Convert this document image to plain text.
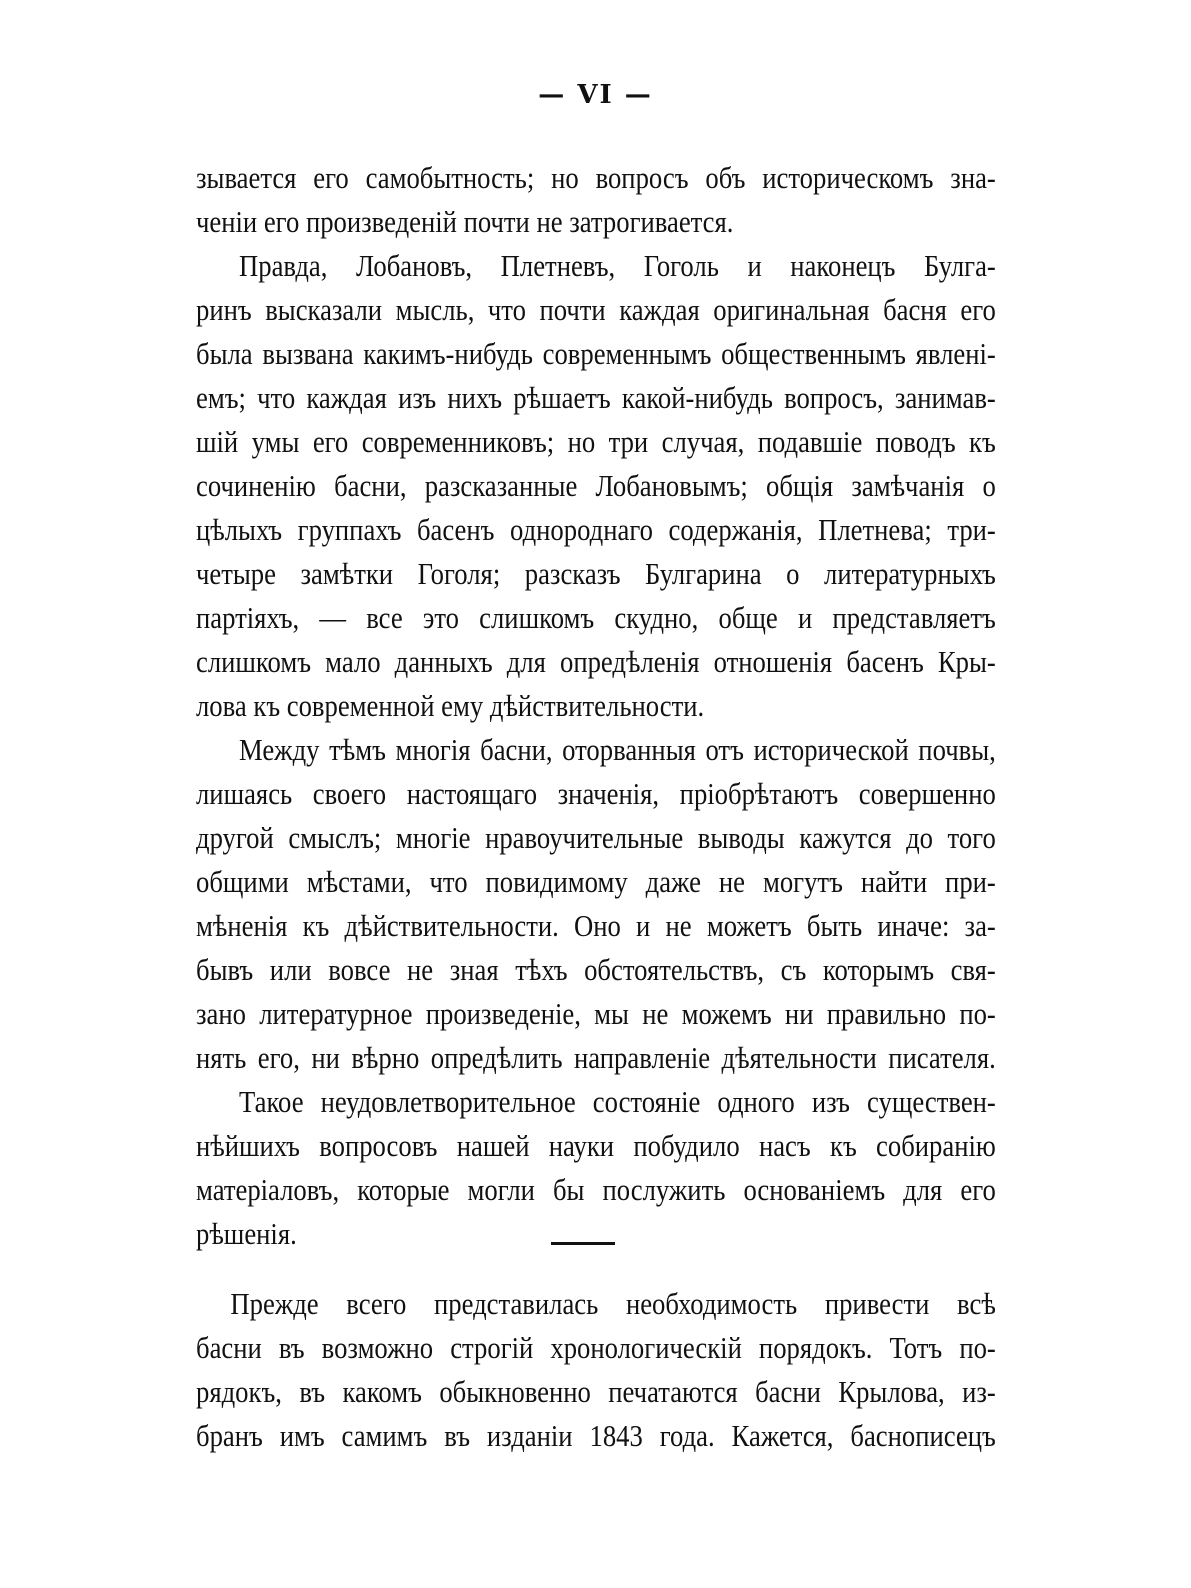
— VI —
зывается его самобытность; но вопросъ объ историческомъ зна-
ченіи его произведеній почти не затрогивается.
Правда, Лобановъ, Плетневъ, Гоголь и наконецъ Булга-
ринъ высказали мысль, что почти каждая оригинальная басня его
была вызвана какимъ-нибудь современнымъ общественнымъ явленi-
емъ; что каждая изъ нихъ рѣшаетъ какой-нибудь вопросъ, занимав-
шій умы его современниковъ; но три случая, подавшіе поводъ къ
сочиненію басни, разсказанные Лобановымъ; общія замѣчанія о
цѣлыхъ группахъ басенъ однороднаго содержанія, Плетнева; три-
четыре замѣтки Гоголя; разсказъ Булгарина о литературныхъ
партіяхъ, — все это слишкомъ скудно, обще и представляетъ
слишкомъ мало данныхъ для опредѣленія отношенія басенъ Кры-
лова къ современной ему дѣйствительности.
Между тѣмъ многія басни, оторванныя отъ исторической почвы,
лишаясь своего настоящаго значенія, пріобрѣтаютъ совершенно
другой смыслъ; многіе нравоучительные выводы кажутся до того
общими мѣстами, что повидимому даже не могутъ найти при-
мѣненія къ дѣйствительности. Оно и не можетъ быть иначе: за-
бывъ или вовсе не зная тѣхъ обстоятельствъ, съ которымъ свя-
зано литературное произведеніе, мы не можемъ ни правильно по-
нять его, ни вѣрно опредѣлить направленіе дѣятельности писателя.
Такое неудовлетворительное состояніе одного изъ существен-
нѣйшихъ вопросовъ нашей науки побудило насъ къ собиранію
матеріаловъ, которые могли бы послужить основаніемъ для его
рѣшенія.
Прежде всего представилась необходимость привести всѣ
басни въ возможно строгій хронологическій порядокъ. Тотъ по-
рядокъ, въ какомъ обыкновенно печатаются басни Крылова, из-
бранъ имъ самимъ въ изданіи 1843 года. Кажется, баснописецъ
